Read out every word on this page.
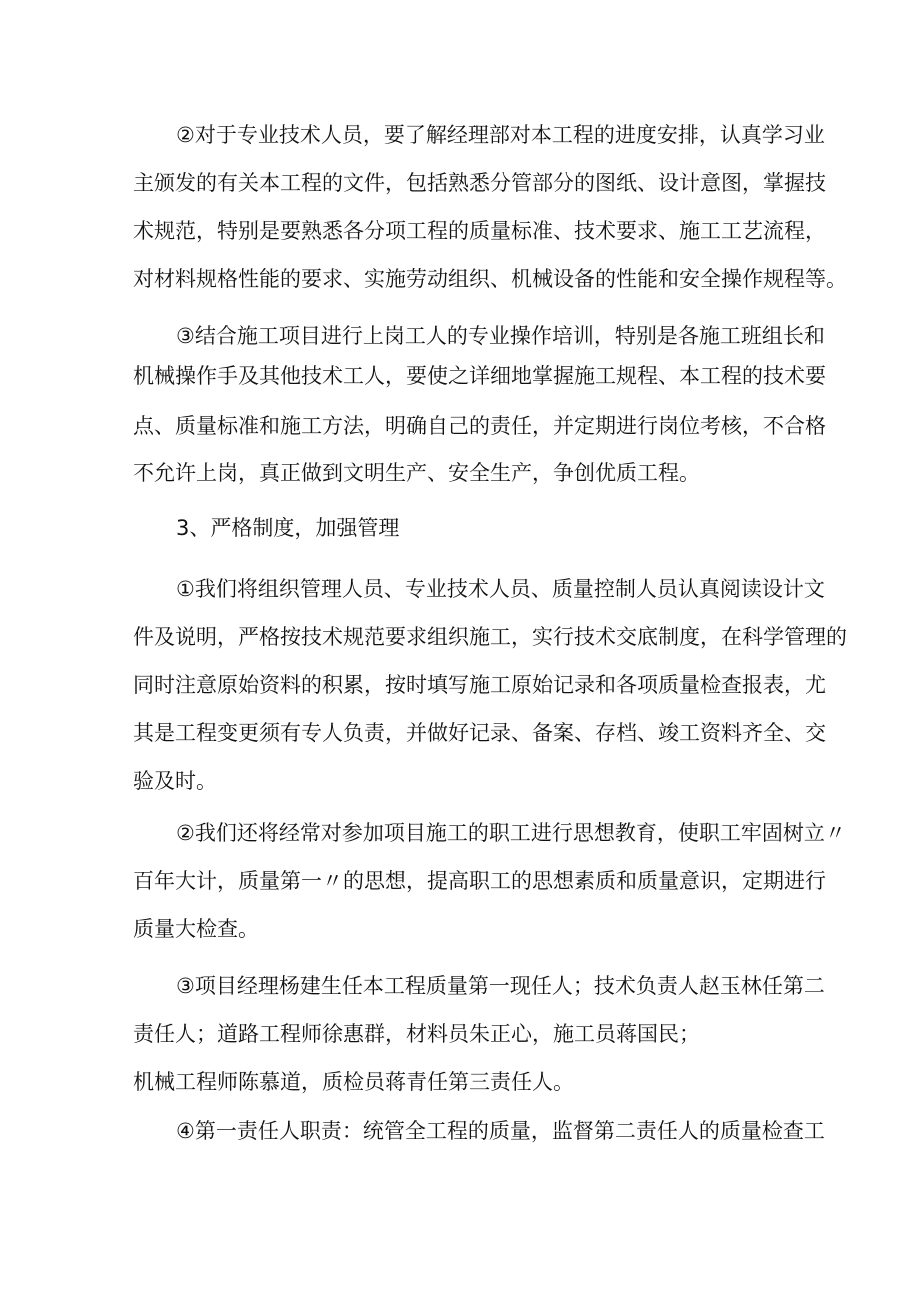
②对于专业技术人员，要了解经理部对本工程的进度安排，认真学习业
主颁发的有关本工程的文件，包括熟悉分管部分的图纸、设计意图，掌握技
术规范，特别是要熟悉各分项工程的质量标准、技术要求、施工工艺流程，
对材料规格性能的要求、实施劳动组织、机械设备的性能和安全操作规程等。
③结合施工项目进行上岗工人的专业操作培训，特别是各施工班组长和
机械操作手及其他技术工人，要使之详细地掌握施工规程、本工程的技术要
点、质量标准和施工方法，明确自己的责任，并定期进行岗位考核，不合格
不允许上岗，真正做到文明生产、安全生产，争创优质工程。
3、严格制度，加强管理
①我们将组织管理人员、专业技术人员、质量控制人员认真阅读设计文
件及说明，严格按技术规范要求组织施工，实行技术交底制度，在科学管理的
同时注意原始资料的积累，按时填写施工原始记录和各项质量检查报表，尤
其是工程变更须有专人负责，并做好记录、备案、存档、竣工资料齐全、交
验及时。
②我们还将经常对参加项目施工的职工进行思想教育，使职工牢固树立〃
百年大计，质量第一〃的思想，提高职工的思想素质和质量意识，定期进行
质量大检查。
③项目经理杨建生任本工程质量第一现任人；技术负责人赵玉林任第二
责任人；道路工程师徐惠群，材料员朱正心，施工员蒋国民；
机械工程师陈慕道，质检员蒋青任第三责任人。
④第一责任人职责：统管全工程的质量，监督第二责任人的质量检查工
